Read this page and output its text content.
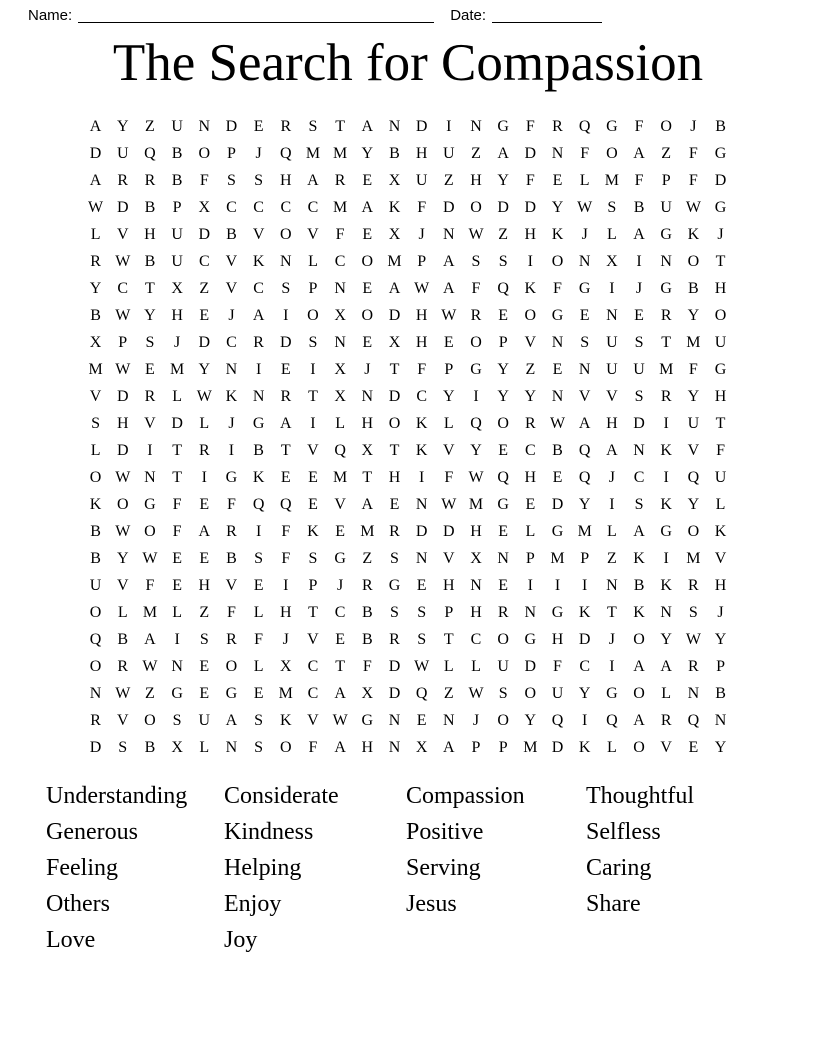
Name:	Date:
The Search for Compassion
A Y	Z	U N D	E	R	S	T	A N D	I	N G	F	R	Q G	F	O	J	B
D U Q	B	O	P	J	Q M M Y	B	H U	Z	A D N	F	O A	Z	F	G
A	R	R	B	F	S	S	H A	R	E	X U	Z	H Y	F	E	L M F	P	F	D
W D	B	P	X	C	C	C	C M A K	F	D O D D Y W S	B	U W G
L	V H U D	B	V O V	F	E	X	J	N W Z	H K	J	L	A G K	J
R W B	U	C	V K N	L	C	O M P	A	S	S	I	O N X	I	N O	T
Y	C	T	X	Z	V	C	S	P	N	E	A W A	F	Q K	F	G	I	J	G	B	H
B W Y H	E	J	A	I	O X O D H W R	E	O G	E	N	E	R	Y O
X	P	S	J	D	C	R	D	S	N	E	X H	E	O	P	V N	S	U	S	T M U
M W E M Y N	I	E	I	X	J	T	F	P	G Y	Z	E	N U U M F	G
V D	R	L W K N	R	T	X N D	C	Y	I	Y Y N V V	S	R	Y H
S	H V D	L	J	G A	I	L	H O K	L	Q O	R W A H D	I	U	T
L	D	I	T	R	I	B	T	V Q X	T	K V Y	E	C	B	Q A N K V	F
O W N	T	I	G K	E	E M T	H	I	F W Q H	E	Q	J	C	I	Q U
K O G	F	E	F	Q Q	E	V A	E	N W M G	E	D Y	I	S	K Y	L
B W O	F	A	R	I	F	K	E M R	D D H	E	L	G M L	A G O K
B	Y W E	E	B	S	F	S	G	Z	S	N V X N	P M P	Z	K	I	M V
U V	F	E	H V	E	I	P	J	R	G	E	H N	E	I	I	I	N	B	K	R	H
O	L M L	Z	F	L	H	T	C	B	S	S	P	H	R	N G K	T	K N	S	J
Q	B	A	I	S	R	F	J	V	E	B	R	S	T	C	O G H D	J	O Y W Y
O	R W N	E	O	L	X	C	T	F	D W L	L	U D	F	C	I	A A	R	P
N W Z	G	E	G	E M C	A X D Q	Z W S	O U Y G O	L	N	B
R	V O	S	U A	S	K V W G N	E	N	J	O Y Q	I	Q A	R	Q N
D	S	B	X	L	N	S	O	F	A H N X A	P	P M D K	L	O V	E	Y
Understanding	Considerate	Compassion	Thoughtful
Generous	Kindness	Positive	Selfless
Feeling	Helping	Serving	Caring
Others	Enjoy	Jesus	Share
Love	Joy
